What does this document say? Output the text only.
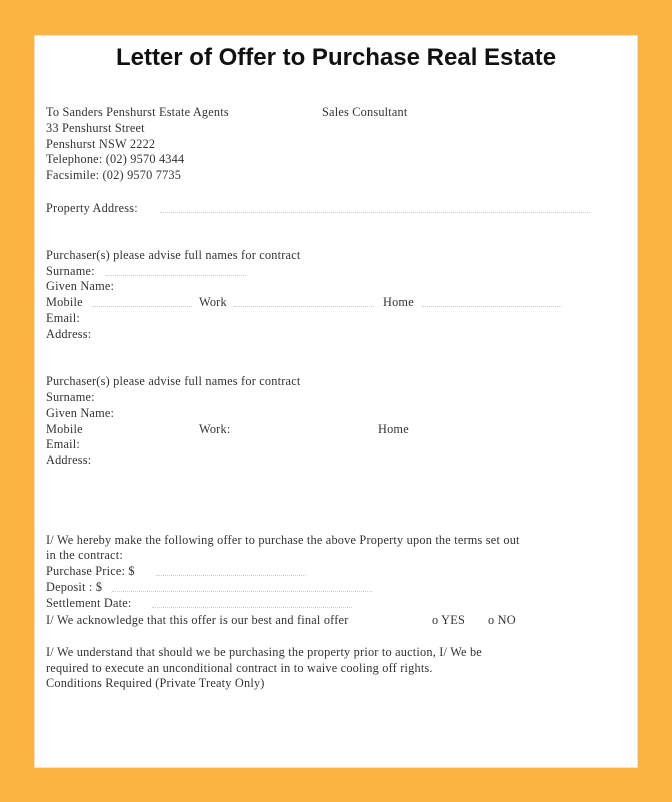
Letter of Offer to Purchase Real Estate
To Sanders Penshurst Estate Agents	Sales Consultant
33 Penshurst Street
Penshurst NSW 2222
Telephone: (02) 9570 4344
Facsimile: (02) 9570 7735
Property Address:
Purchaser(s) please advise full names for contract
Surname:
Given Name:
Mobile	Work	Home
Email:
Address:
Purchaser(s) please advise full names for contract
Surname:
Given Name:
Mobile	Work:	Home
Email:
Address:
I/ We hereby make the following offer to purchase the above Property upon the terms set out
in the contract:
Purchase Price: $
Deposit : $
Settlement Date:
I/ We acknowledge that this offer is our best and final offer	o YES o NO
I/ We understand that should we be purchasing the property prior to auction, I/ We be
required to execute an unconditional contract in to waive cooling off rights.
Conditions Required (Private Treaty Only)
